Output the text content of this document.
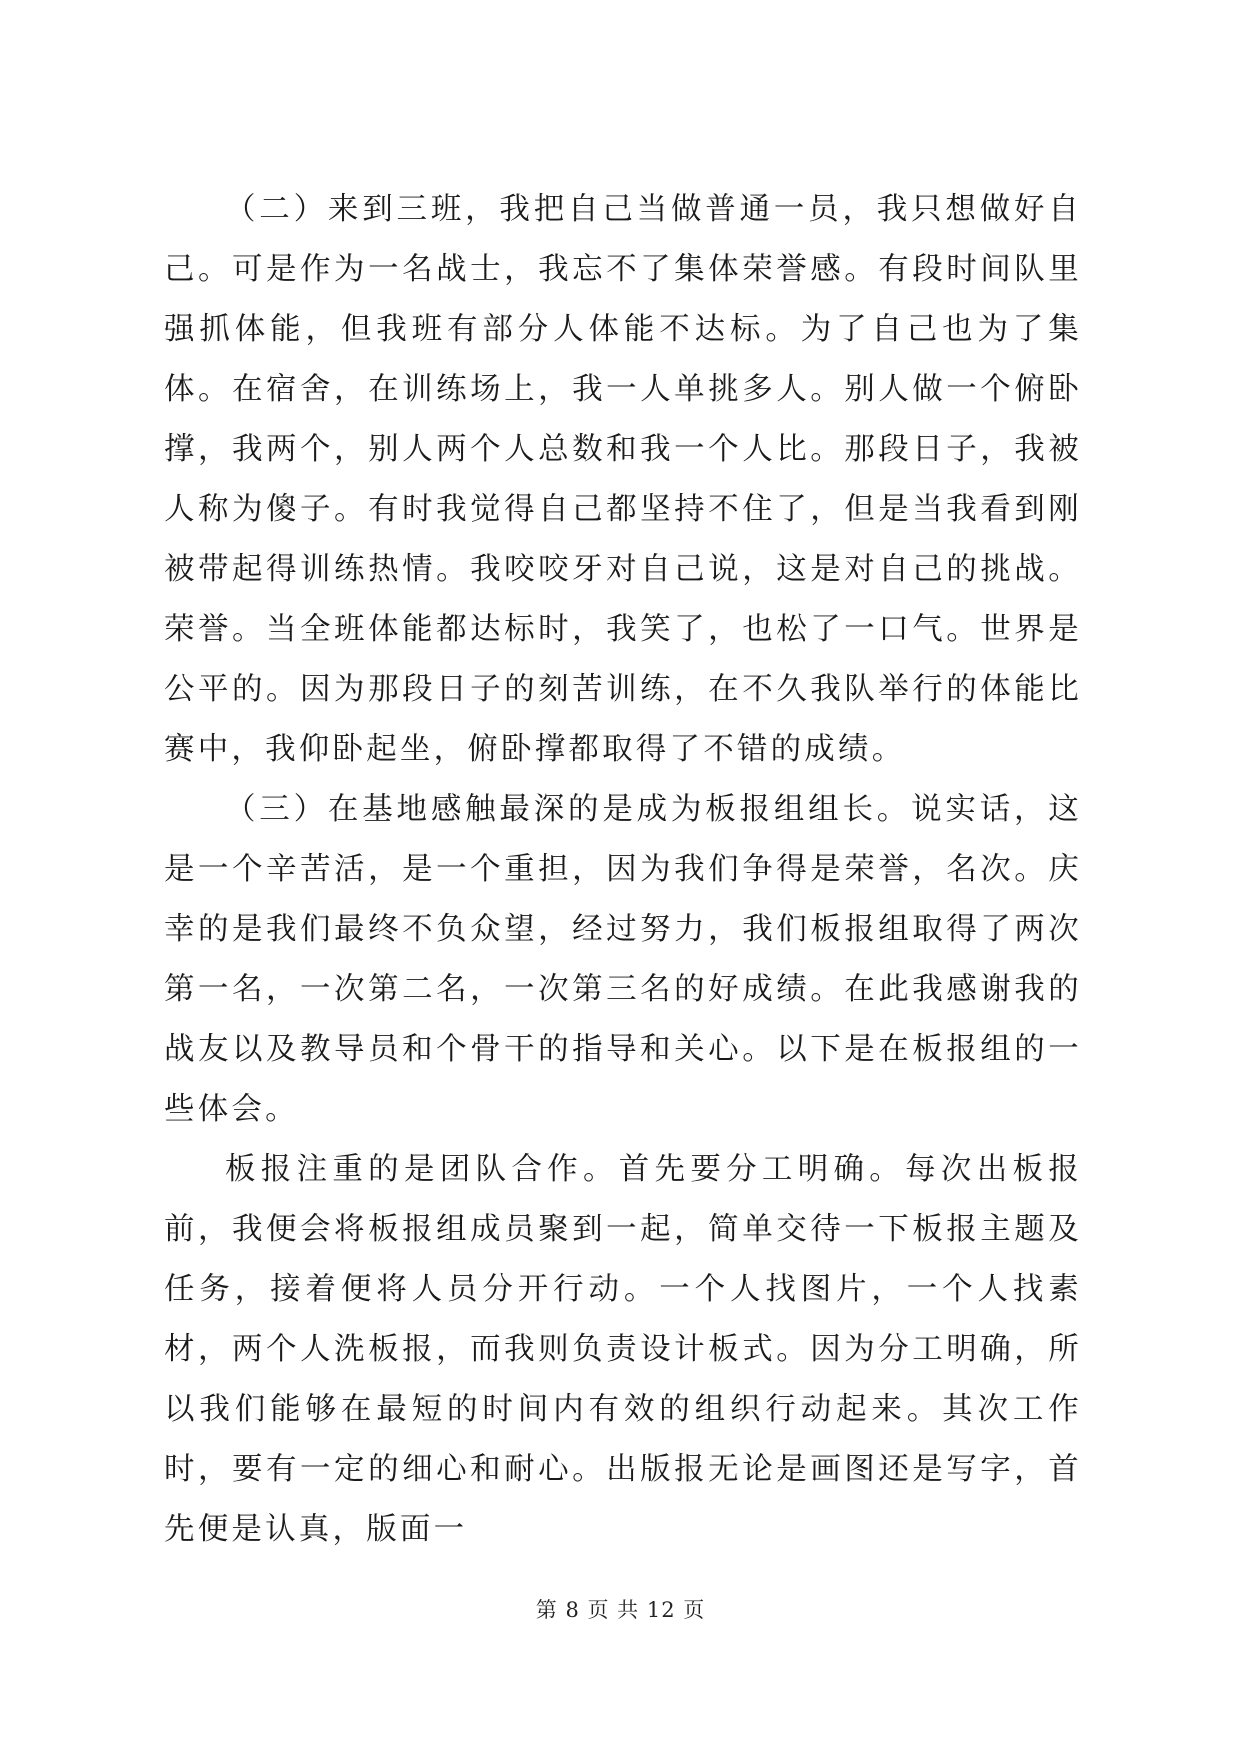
（二）来到三班，我把自己当做普通一员，我只想做好自己。可是作为一名战士，我忘不了集体荣誉感。有段时间队里强抓体能，但我班有部分人体能不达标。为了自己也为了集体。在宿舍，在训练场上，我一人单挑多人。别人做一个俯卧撑，我两个，别人两个人总数和我一个人比。那段日子，我被人称为傻子。有时我觉得自己都坚持不住了，但是当我看到刚被带起得训练热情。我咬咬牙对自己说，这是对自己的挑战。荣誉。当全班体能都达标时，我笑了，也松了一口气。世界是公平的。因为那段日子的刻苦训练，在不久我队举行的体能比赛中，我仰卧起坐，俯卧撑都取得了不错的成绩。

（三）在基地感触最深的是成为板报组组长。说实话，这是一个辛苦活，是一个重担，因为我们争得是荣誉，名次。庆幸的是我们最终不负众望，经过努力，我们板报组取得了两次第一名，一次第二名，一次第三名的好成绩。在此我感谢我的战友以及教导员和个骨干的指导和关心。以下是在板报组的一些体会。

板报注重的是团队合作。首先要分工明确。每次出板报前，我便会将板报组成员聚到一起，简单交待一下板报主题及任务，接着便将人员分开行动。一个人找图片，一个人找素材，两个人洗板报，而我则负责设计板式。因为分工明确，所以我们能够在最短的时间内有效的组织行动起来。其次工作时，要有一定的细心和耐心。出版报无论是画图还是写字，首先便是认真，版面一

第 8 页 共 12 页
